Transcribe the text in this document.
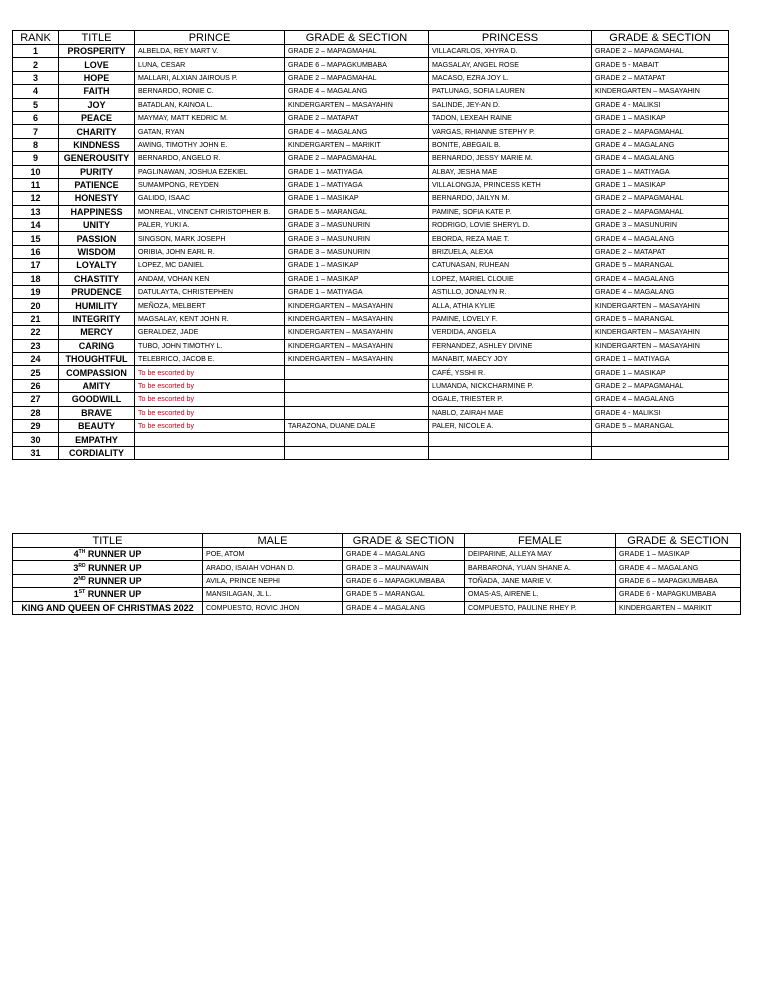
RANK	TITLE	PRINCE	GRADE & SECTION	PRINCESS	GRADE & SECTION
1	PROSPERITY	ALBELDA, REY MART V.	GRADE 2 – MAPAGMAHAL	VILLACARLOS, XHYRA D.	GRADE 2 – MAPAGMAHAL
2	LOVE	LUNA, CESAR	GRADE 6 – MAPAGKUMBABA	MAGSALAY, ANGEL ROSE	GRADE 5 - MABAIT
3	HOPE	MALLARI, ALXIAN JAIROUS P.	GRADE 2 – MAPAGMAHAL	MACASO, EZRA JOY L.	GRADE 2 – MATAPAT
4	FAITH	BERNARDO, RONIE C.	GRADE 4 – MAGALANG	PATLUNAG, SOFIA LAUREN	KINDERGARTEN – MASAYAHIN
5	JOY	BATADLAN, KAINOA L.	KINDERGARTEN – MASAYAHIN	SALINDE, JEY-AN D.	GRADE 4 - MALIKSI
6	PEACE	MAYMAY, MATT KEDRIC M.	GRADE 2 – MATAPAT	TADON, LEXEAH RAINE	GRADE 1 – MASIKAP
7	CHARITY	GATAN, RYAN	GRADE 4 – MAGALANG	VARGAS, RHIANNE STEPHY P.	GRADE 2 – MAPAGMAHAL
8	KINDNESS	AWING, TIMOTHY JOHN E.	KINDERGARTEN – MARIKIT	BONITE, ABEGAIL B.	GRADE 4 – MAGALANG
9	GENEROUSITY	BERNARDO, ANGELO R.	GRADE 2 – MAPAGMAHAL	BERNARDO, JESSY MARIE M.	GRADE 4 – MAGALANG
10	PURITY	PAGLINAWAN, JOSHUA EZEKIEL	GRADE 1 – MATIYAGA	ALBAY, JESHA MAE	GRADE 1 – MATIYAGA
11	PATIENCE	SUMAMPONG, REYDEN	GRADE 1 – MATIYAGA	VILLALONGJA, PRINCESS KETH	GRADE 1 – MASIKAP
12	HONESTY	GALIDO, ISAAC	GRADE 1 – MASIKAP	BERNARDO, JAILYN M.	GRADE 2 – MAPAGMAHAL
13	HAPPINESS	MONREAL, VINCENT CHRISTOPHER B.	GRADE 5 – MARANGAL	PAMINE, SOFIA KATE P.	GRADE 2 – MAPAGMAHAL
14	UNITY	PALER, YUKI A.	GRADE 3 – MASUNURIN	RODRIGO, LOVIE SHERYL D.	GRADE 3 – MASUNURIN
15	PASSION	SINGSON, MARK JOSEPH	GRADE 3 – MASUNURIN	EBORDA, REZA MAE T.	GRADE 4 – MAGALANG
16	WISDOM	ORIBIA, JOHN EARL R.	GRADE 3 – MASUNURIN	BRIZUELA, ALEXA	GRADE 2 – MATAPAT
17	LOYALTY	LOPEZ, MC DANIEL	GRADE 1 – MASIKAP	CATUNASAN, RUHEAN	GRADE 5 – MARANGAL
18	CHASTITY	ANDAM, VOHAN KEN	GRADE 1 – MASIKAP	LOPEZ, MARIEL CLOUIE	GRADE 4 – MAGALANG
19	PRUDENCE	DATULAYTA, CHRISTEPHEN	GRADE 1 – MATIYAGA	ASTILLO, JONALYN R.	GRADE 4 – MAGALANG
20	HUMILITY	MEÑOZA, MELBERT	KINDERGARTEN – MASAYAHIN	ALLA, ATHIA KYLIE	KINDERGARTEN – MASAYAHIN
21	INTEGRITY	MAGSALAY, KENT JOHN R.	KINDERGARTEN – MASAYAHIN	PAMINE, LOVELY F.	GRADE 5 – MARANGAL
22	MERCY	GERALDEZ, JADE	KINDERGARTEN – MASAYAHIN	VERDIDA, ANGELA	KINDERGARTEN – MASAYAHIN
23	CARING	TUBO, JOHN TIMOTHY L.	KINDERGARTEN – MASAYAHIN	FERNANDEZ, ASHLEY DIVINE	KINDERGARTEN – MASAYAHIN
24	THOUGHTFUL	TELEBRICO, JACOB E.	KINDERGARTEN – MASAYAHIN	MANABIT, MAECY JOY	GRADE 1 – MATIYAGA
25	COMPASSION	To be escorted by		CAFÉ, YSSHI R.	GRADE 1 – MASIKAP
26	AMITY	To be escorted by		LUMANDA, NICKCHARMINE P.	GRADE 2 – MAPAGMAHAL
27	GOODWILL	To be escorted by		OGALE, TRIESTER P.	GRADE 4 – MAGALANG
28	BRAVE	To be escorted by		NABLO, ZAIRAH MAE	GRADE 4 - MALIKSI
29	BEAUTY	To be escorted by	TARAZONA, DUANE DALE	PALER, NICOLE A.	GRADE 5 – MARANGAL
30	EMPATHY				
31	CORDIALITY				
TITLE	MALE	GRADE & SECTION	FEMALE	GRADE & SECTION
4TH RUNNER UP	POE, ATOM	GRADE 4 – MAGALANG	DEIPARINE, ALLEYA MAY	GRADE 1 – MASIKAP
3RD RUNNER UP	ARADO, ISAIAH VOHAN D.	GRADE 3 – MAUNAWAIN	BARBARONA, YUAN SHANE A.	GRADE 4 – MAGALANG
2ND RUNNER UP	AVILA, PRINCE NEPHI	GRADE 6 – MAPAGKUMBABA	TOÑADA, JANE MARIE V.	GRADE 6 – MAPAGKUMBABA
1ST RUNNER UP	MANSILAGAN, JL L.	GRADE 5 – MARANGAL	OMAS-AS, AIRENE L.	GRADE 6 - MAPAGKUMBABA
KING AND QUEEN OF CHRISTMAS 2022	COMPUESTO, ROVIC JHON	GRADE 4 – MAGALANG	COMPUESTO, PAULINE RHEY P.	KINDERGARTEN – MARIKIT
